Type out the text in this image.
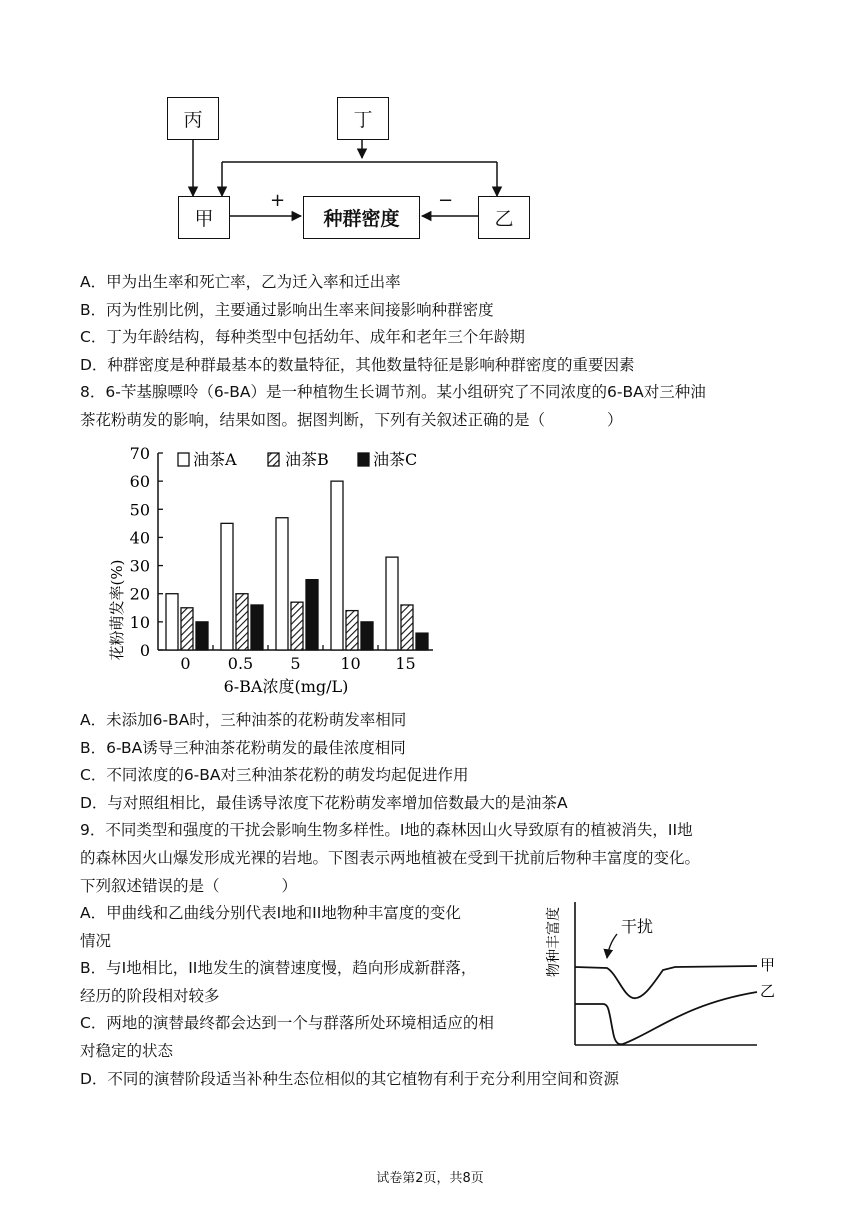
丙	丁
甲	种群密度	乙
+	−
A．甲为出生率和死亡率，乙为迁入率和迁出率
B．丙为性别比例，主要通过影响出生率来间接影响种群密度
C．丁为年龄结构，每种类型中包括幼年、成年和老年三个年龄期
D．种群密度是种群最基本的数量特征，其他数量特征是影响种群密度的重要因素
8．6-苄基腺嘌呤（6-BA）是一种植物生长调节剂。某小组研究了不同浓度的6-BA对三种油
茶花粉萌发的影响，结果如图。据图判断，下列有关叙述正确的是（　　　　）
0
10
20
30
40
50
60
70
0 0.5 5 10 15
油茶A	油茶B	油茶C
花粉萌发率(%)
6-BA浓度(mg/L)
A．未添加6-BA时，三种油茶的花粉萌发率相同
B．6-BA诱导三种油茶花粉萌发的最佳浓度相同
C．不同浓度的6-BA对三种油茶花粉的萌发均起促进作用
D．与对照组相比，最佳诱导浓度下花粉萌发率增加倍数最大的是油茶A
9．不同类型和强度的干扰会影响生物多样性。I地的森林因山火导致原有的植被消失，II地
的森林因火山爆发形成光裸的岩地。下图表示两地植被在受到干扰前后物种丰富度的变化。
下列叙述错误的是（　　　　）
A．甲曲线和乙曲线分别代表I地和II地物种丰富度的变化
情况
B．与I地相比，II地发生的演替速度慢，趋向形成新群落，
经历的阶段相对较多
C．两地的演替最终都会达到一个与群落所处环境相适应的相
对稳定的状态
D．不同的演替阶段适当补种生态位相似的其它植物有利于充分利用空间和资源
物种丰富度	干扰
甲
乙
试卷第2页，共8页
